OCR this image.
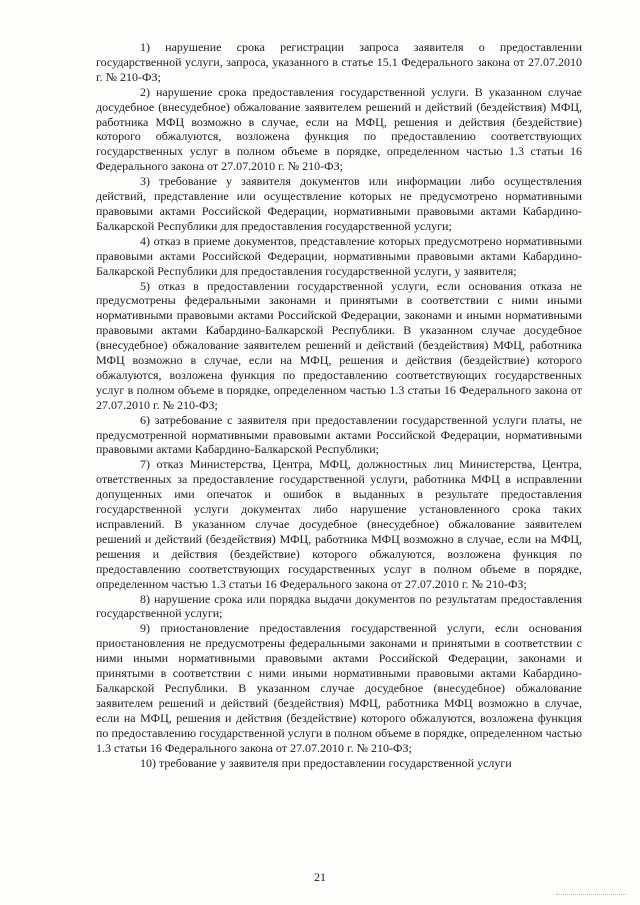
1) нарушение срока регистрации запроса заявителя о предоставлении государственной услуги, запроса, указанного в статье 15.1 Федерального закона от 27.07.2010 г. № 210-ФЗ;

2) нарушение срока предоставления государственной услуги. В указанном случае досудебное (внесудебное) обжалование заявителем решений и действий (бездействия) МФЦ, работника МФЦ возможно в случае, если на МФЦ, решения и действия (бездействие) которого обжалуются, возложена функция по предоставлению соответствующих государственных услуг в полном объеме в порядке, определенном частью 1.3 статьи 16 Федерального закона от 27.07.2010 г. № 210-ФЗ;

3) требование у заявителя документов или информации либо осуществления действий, представление или осуществление которых не предусмотрено нормативными правовыми актами Российской Федерации, нормативными правовыми актами Кабардино-Балкарской Республики для предоставления государственной услуги;

4) отказ в приеме документов, представление которых предусмотрено нормативными правовыми актами Российской Федерации, нормативными правовыми актами Кабардино-Балкарской Республики для предоставления государственной услуги, у заявителя;

5) отказ в предоставлении государственной услуги, если основания отказа не предусмотрены федеральными законами и принятыми в соответствии с ними иными нормативными правовыми актами Российской Федерации, законами и иными нормативными правовыми актами Кабардино-Балкарской Республики. В указанном случае досудебное (внесудебное) обжалование заявителем решений и действий (бездействия) МФЦ, работника МФЦ возможно в случае, если на МФЦ, решения и действия (бездействие) которого обжалуются, возложена функция по предоставлению соответствующих государственных услуг в полном объеме в порядке, определенном частью 1.3 статьи 16 Федерального закона от 27.07.2010 г. № 210-ФЗ;

6) затребование с заявителя при предоставлении государственной услуги платы, не предусмотренной нормативными правовыми актами Российской Федерации, нормативными правовыми актами Кабардино-Балкарской Республики;

7) отказ Министерства, Центра, МФЦ, должностных лиц Министерства, Центра, ответственных за предоставление государственной услуги, работника МФЦ в исправлении допущенных ими опечаток и ошибок в выданных в результате предоставления государственной услуги документах либо нарушение установленного срока таких исправлений. В указанном случае досудебное (внесудебное) обжалование заявителем решений и действий (бездействия) МФЦ, работника МФЦ возможно в случае, если на МФЦ, решения и действия (бездействие) которого обжалуются, возложена функция по предоставлению соответствующих государственных услуг в полном объеме в порядке, определенном частью 1.3 статьи 16 Федерального закона от 27.07.2010 г. № 210-ФЗ;

8) нарушение срока или порядка выдачи документов по результатам предоставления государственной услуги;

9) приостановление предоставления государственной услуги, если основания приостановления не предусмотрены федеральными законами и принятыми в соответствии с ними иными нормативными правовыми актами Российской Федерации, законами и принятыми в соответствии с ними иными нормативными правовыми актами Кабардино-Балкарской Республики. В указанном случае досудебное (внесудебное) обжалование заявителем решений и действий (бездействия) МФЦ, работника МФЦ возможно в случае, если на МФЦ, решения и действия (бездействие) которого обжалуются, возложена функция по предоставлению государственной услуги в полном объеме в порядке, определенном частью 1.3 статьи 16 Федерального закона от 27.07.2010 г. № 210-ФЗ;

10) требование у заявителя при предоставлении государственной услуги

21
